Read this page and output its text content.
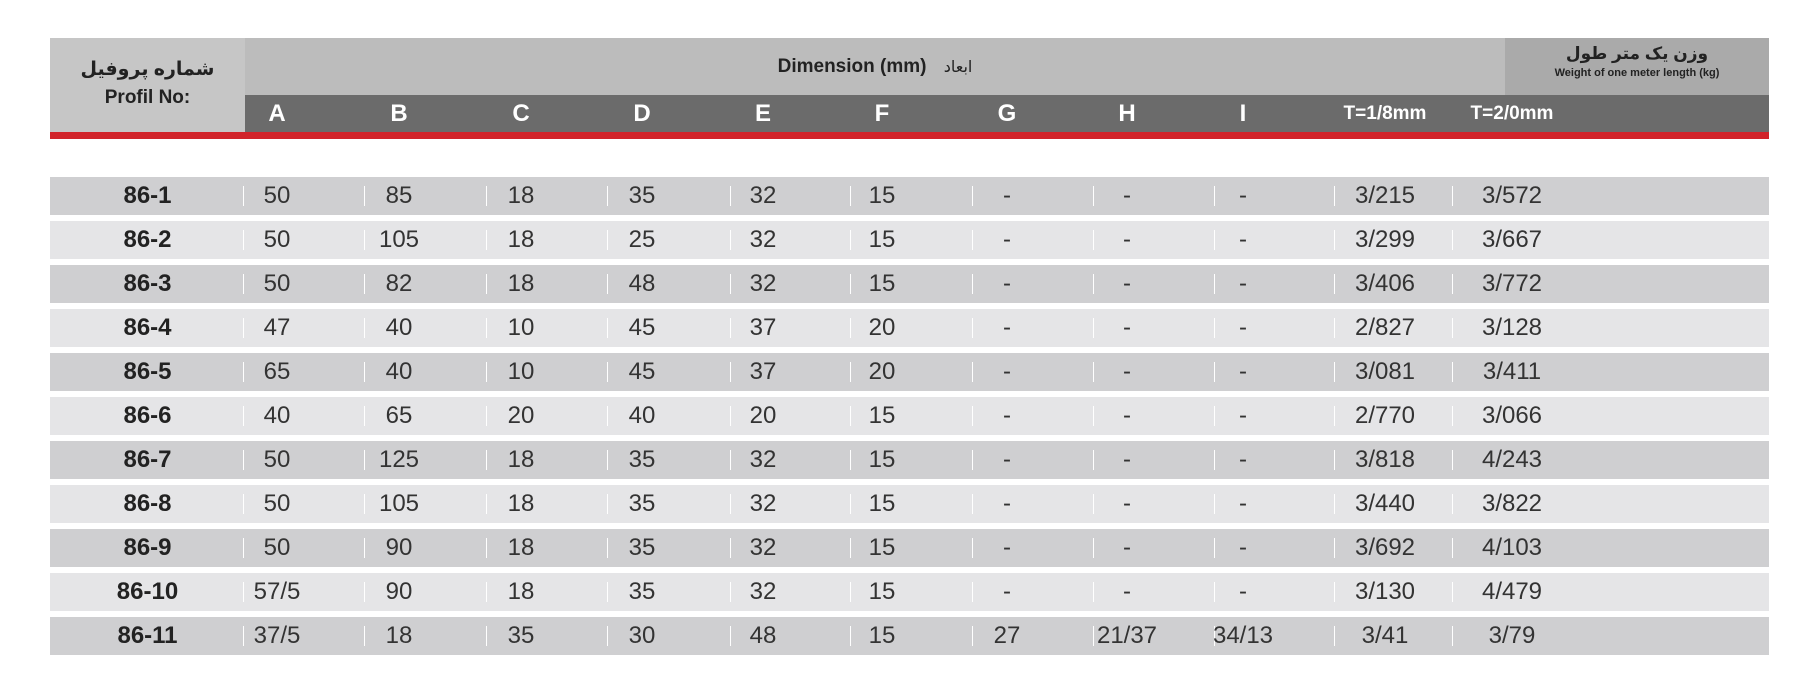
شماره پروفیل
Profil No:
Dimension (mm) ابعاد
وزن یک متر طول
Weight of one meter length (kg)
A	B	C	D	E	F	G	H	I	T=1/8mm	T=2/0mm
86-1	50	85	18	35	32	15	-	-	-	3/215	3/572
86-2	50	105	18	25	32	15	-	-	-	3/299	3/667
86-3	50	82	18	48	32	15	-	-	-	3/406	3/772
86-4	47	40	10	45	37	20	-	-	-	2/827	3/128
86-5	65	40	10	45	37	20	-	-	-	3/081	3/411
86-6	40	65	20	40	20	15	-	-	-	2/770	3/066
86-7	50	125	18	35	32	15	-	-	-	3/818	4/243
86-8	50	105	18	35	32	15	-	-	-	3/440	3/822
86-9	50	90	18	35	32	15	-	-	-	3/692	4/103
86-10	57/5	90	18	35	32	15	-	-	-	3/130	4/479
86-11	37/5	18	35	30	48	15	27	21/37	34/13	3/41	3/79
